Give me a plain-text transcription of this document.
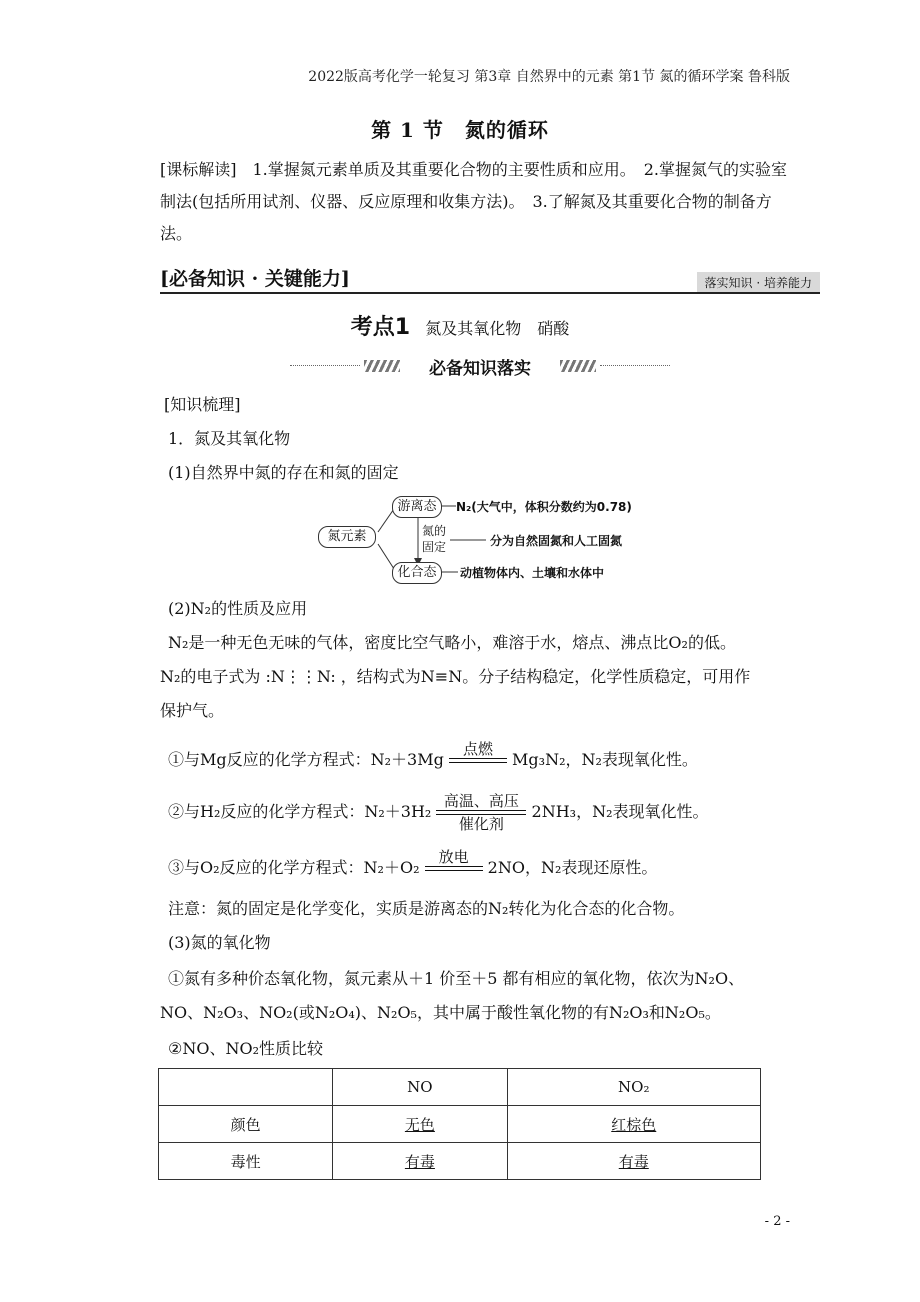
2022版高考化学一轮复习 第3章 自然界中的元素 第1节 氮的循环学案 鲁科版
第 1 节　氮的循环
[课标解读]　1.掌握氮元素单质及其重要化合物的主要性质和应用。　2.掌握氮气的实验室制法(包括所用试剂、仪器、反应原理和收集方法)。　3.了解氮及其重要化合物的制备方法。
[必备知识 · 关键能力]	落实知识 · 培养能力
考点1 氮及其氧化物　硝酸
必备知识落实
[知识梳理]
1．氮及其氧化物
(1)自然界中氮的存在和氮的固定
氮元素
游离态
化合态
氮的
固定
N₂(大气中，体积分数约为0.78)
分为自然固氮和人工固氮
动植物体内、土壤和水体中
(2)N₂的性质及应用
N₂是一种无色无味的气体，密度比空气略小，难溶于水，熔点、沸点比O₂的低。
N₂的电子式为 :N⋮⋮N: ，结构式为N≡N。分子结构稳定，化学性质稳定，可用作
保护气。
①与Mg反应的化学方程式：N₂＋3Mg
点燃

Mg₃N₂，N₂表现氧化性。
②与H₂反应的化学方程式：N₂＋3H₂
高温、高压
催化剂
2NH₃，N₂表现氧化性。
③与O₂反应的化学方程式：N₂＋O₂
放电

2NO，N₂表现还原性。
注意：氮的固定是化学变化，实质是游离态的N₂转化为化合态的化合物。
(3)氮的氧化物
①氮有多种价态氧化物，氮元素从＋1 价至＋5 都有相应的氧化物，依次为N₂O、
NO、N₂O₃、NO₂(或N₂O₄)、N₂O₅，其中属于酸性氧化物的有N₂O₃和N₂O₅。
②NO、NO₂性质比较
	NO	NO₂
颜色	无色	红棕色
毒性	有毒	有毒
- 2 -
